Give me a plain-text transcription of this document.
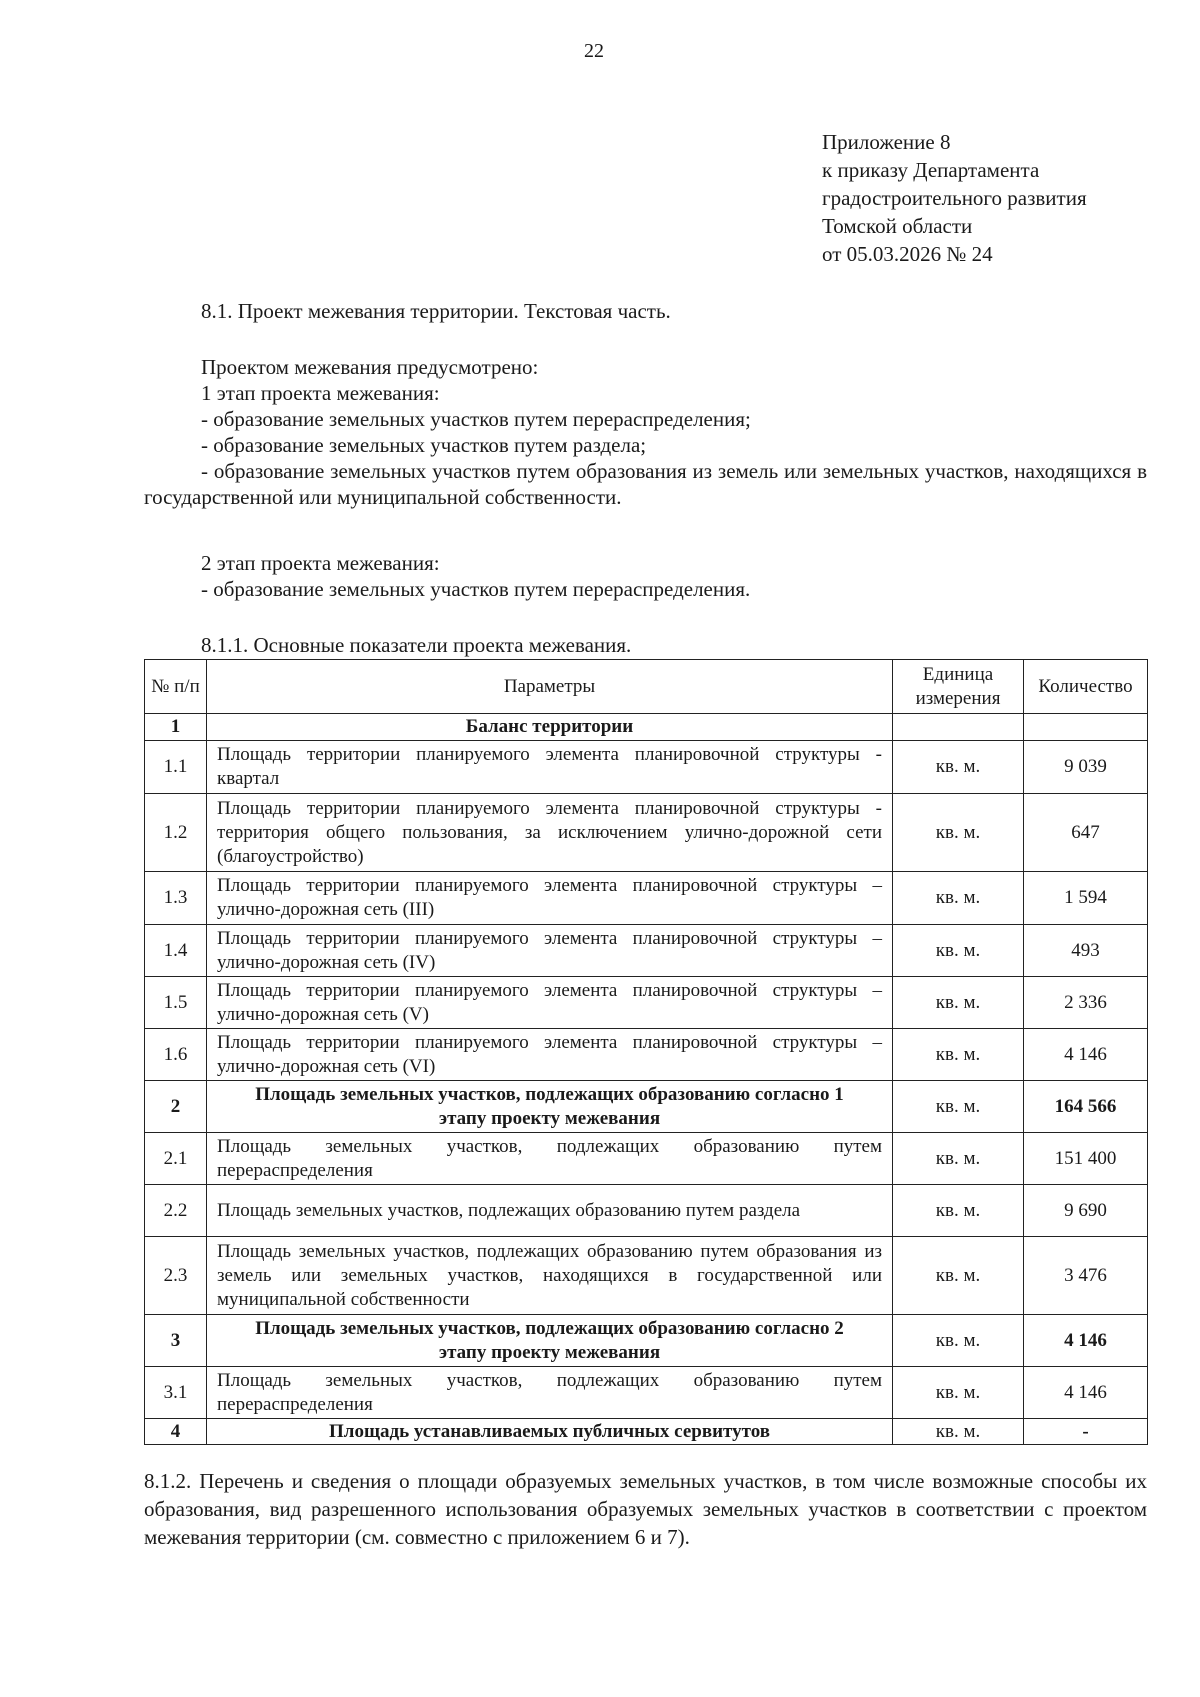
22
Приложение 8
к приказу Департамента
градостроительного развития
Томской области
от 05.03.2026 № 24
8.1. Проект межевания территории. Текстовая часть.
Проектом межевания предусмотрено:
1 этап проекта межевания:
- образование земельных участков путем перераспределения;
- образование земельных участков путем раздела;
- образование земельных участков путем образования из земель или земельных участков, находящихся в государственной или муниципальной собственности.
2 этап проекта межевания:
- образование земельных участков путем перераспределения.
8.1.1. Основные показатели проекта межевания.
№ п/п	Параметры	Единица измерения	Количество
1	Баланс территории		
1.1	Площадь территории планируемого элемента планировочной структуры - квартал	кв. м.	9 039
1.2	Площадь территории планируемого элемента планировочной структуры - территория общего пользования, за исключением улично-дорожной сети (благоустройство)	кв. м.	647
1.3	Площадь территории планируемого элемента планировочной структуры – улично-дорожная сеть (III)	кв. м.	1 594
1.4	Площадь территории планируемого элемента планировочной структуры – улично-дорожная сеть (IV)	кв. м.	493
1.5	Площадь территории планируемого элемента планировочной структуры – улично-дорожная сеть (V)	кв. м.	2 336
1.6	Площадь территории планируемого элемента планировочной структуры – улично-дорожная сеть (VI)	кв. м.	4 146
2	Площадь земельных участков, подлежащих образованию согласно 1 этапу проекту межевания	кв. м.	164 566
2.1	Площадь земельных участков, подлежащих образованию путем перераспределения	кв. м.	151 400
2.2	Площадь земельных участков, подлежащих образованию путем раздела	кв. м.	9 690
2.3	Площадь земельных участков, подлежащих образованию путем образования из земель или земельных участков, находящихся в государственной или муниципальной собственности	кв. м.	3 476
3	Площадь земельных участков, подлежащих образованию согласно 2 этапу проекту межевания	кв. м.	4 146
3.1	Площадь земельных участков, подлежащих образованию путем перераспределения	кв. м.	4 146
4	Площадь устанавливаемых публичных сервитутов	кв. м.	-
8.1.2. Перечень и сведения о площади образуемых земельных участков, в том числе возможные способы их образования, вид разрешенного использования образуемых земельных участков в соответствии с проектом межевания территории (см. совместно с приложением 6 и 7).
